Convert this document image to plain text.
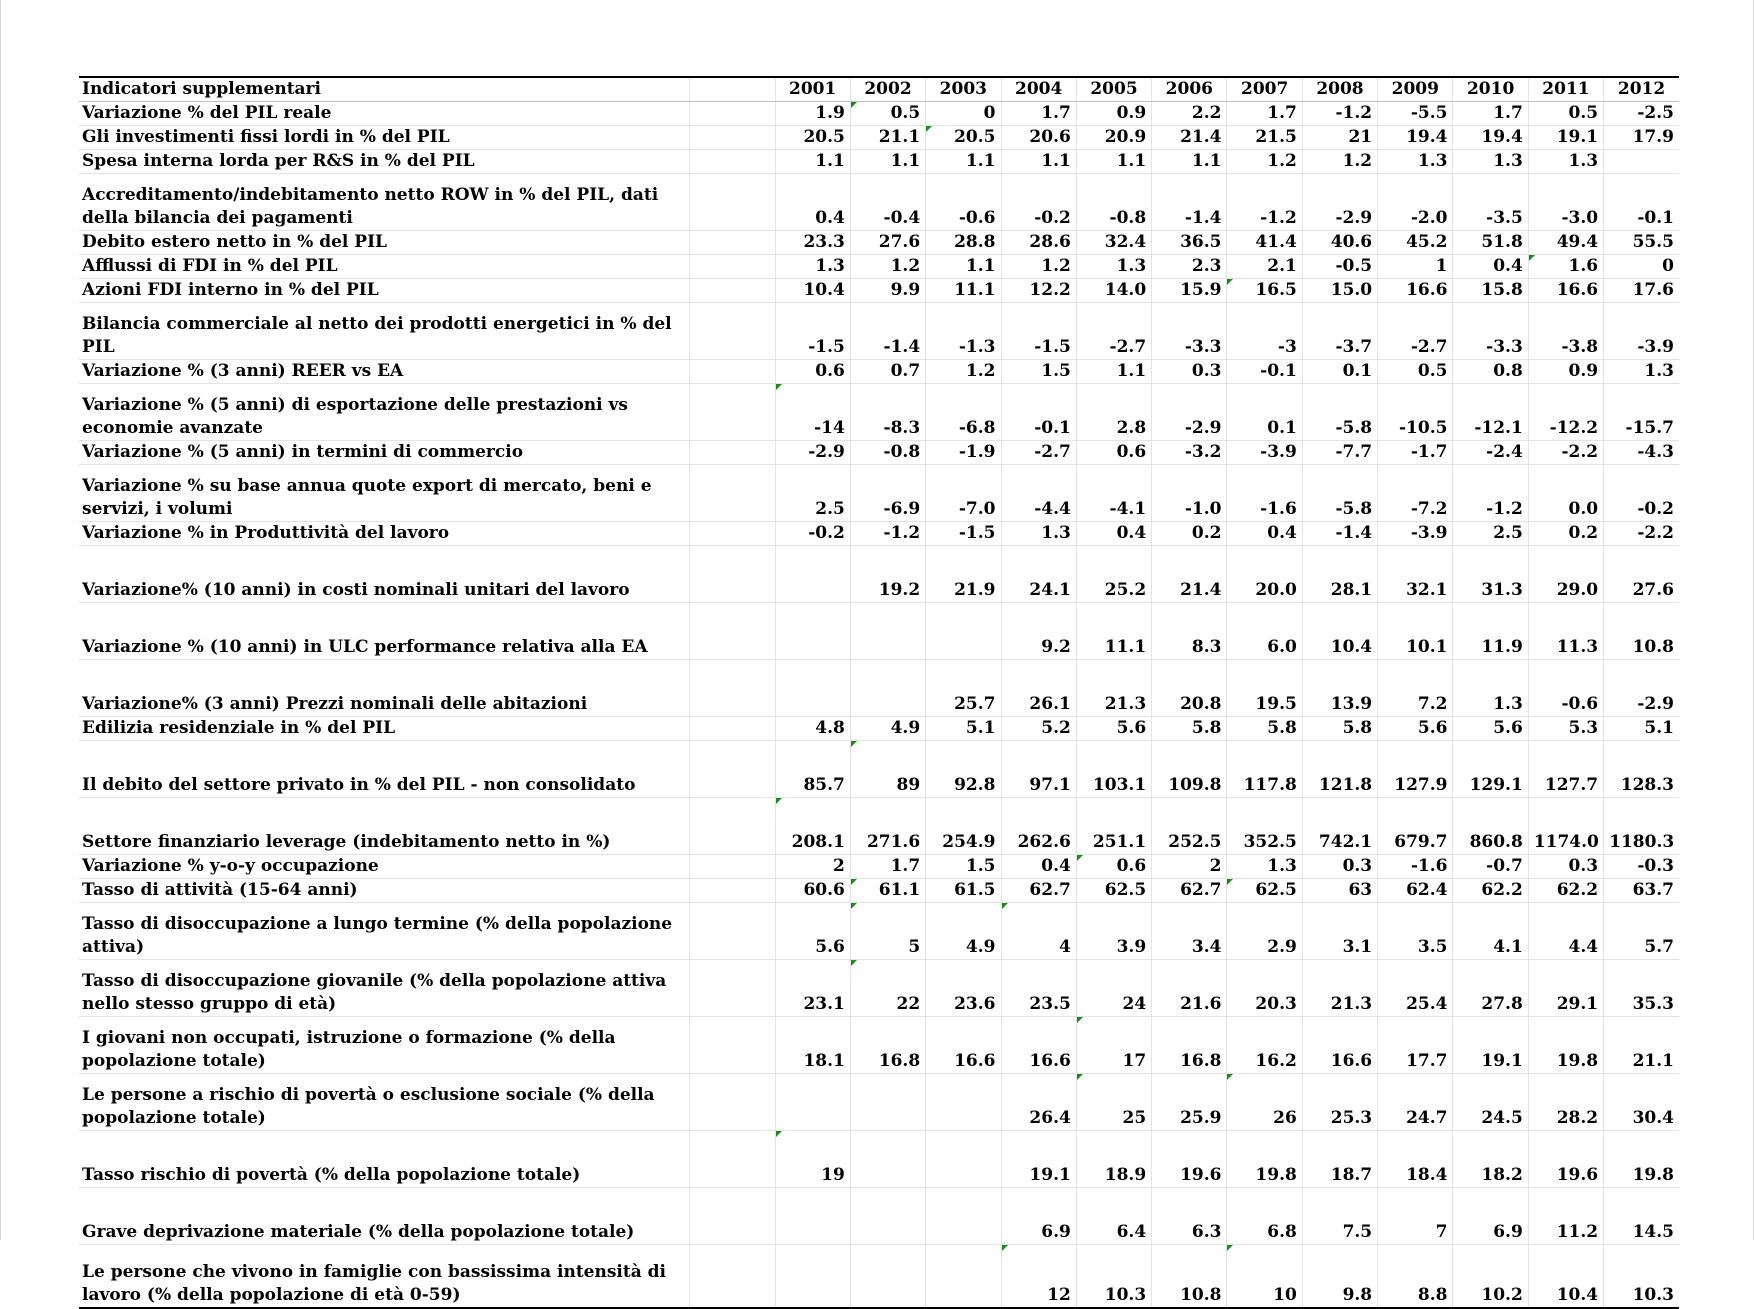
Indicatori supplementari		2001	2002	2003	2004	2005	2006	2007	2008	2009	2010	2011	2012
Variazione % del PIL reale		1.9	0.5	0	1.7	0.9	2.2	1.7	-1.2	-5.5	1.7	0.5	-2.5
Gli investimenti fissi lordi in % del PIL		20.5	21.1	20.5	20.6	20.9	21.4	21.5	21	19.4	19.4	19.1	17.9
Spesa interna lorda per R&S in % del PIL		1.1	1.1	1.1	1.1	1.1	1.1	1.2	1.2	1.3	1.3	1.3	
Accreditamento/indebitamento netto ROW in % del PIL, dati della bilancia dei pagamenti		0.4	-0.4	-0.6	-0.2	-0.8	-1.4	-1.2	-2.9	-2.0	-3.5	-3.0	-0.1
Debito estero netto in % del PIL		23.3	27.6	28.8	28.6	32.4	36.5	41.4	40.6	45.2	51.8	49.4	55.5
Afflussi di FDI in % del PIL		1.3	1.2	1.1	1.2	1.3	2.3	2.1	-0.5	1	0.4	1.6	0
Azioni FDI interno in % del PIL		10.4	9.9	11.1	12.2	14.0	15.9	16.5	15.0	16.6	15.8	16.6	17.6
Bilancia commerciale al netto dei prodotti energetici in % del PIL		-1.5	-1.4	-1.3	-1.5	-2.7	-3.3	-3	-3.7	-2.7	-3.3	-3.8	-3.9
Variazione % (3 anni) REER vs EA		0.6	0.7	1.2	1.5	1.1	0.3	-0.1	0.1	0.5	0.8	0.9	1.3
Variazione % (5 anni) di esportazione delle prestazioni vs economie avanzate		-14	-8.3	-6.8	-0.1	2.8	-2.9	0.1	-5.8	-10.5	-12.1	-12.2	-15.7
Variazione % (5 anni) in termini di commercio		-2.9	-0.8	-1.9	-2.7	0.6	-3.2	-3.9	-7.7	-1.7	-2.4	-2.2	-4.3
Variazione % su base annua quote export di mercato, beni e servizi, i volumi		2.5	-6.9	-7.0	-4.4	-4.1	-1.0	-1.6	-5.8	-7.2	-1.2	0.0	-0.2
Variazione % in Produttività del lavoro		-0.2	-1.2	-1.5	1.3	0.4	0.2	0.4	-1.4	-3.9	2.5	0.2	-2.2
Variazione% (10 anni) in costi nominali unitari del lavoro			19.2	21.9	24.1	25.2	21.4	20.0	28.1	32.1	31.3	29.0	27.6
Variazione % (10 anni) in ULC performance relativa alla EA					9.2	11.1	8.3	6.0	10.4	10.1	11.9	11.3	10.8
Variazione% (3 anni) Prezzi nominali delle abitazioni				25.7	26.1	21.3	20.8	19.5	13.9	7.2	1.3	-0.6	-2.9
Edilizia residenziale in % del PIL		4.8	4.9	5.1	5.2	5.6	5.8	5.8	5.8	5.6	5.6	5.3	5.1
Il debito del settore privato in % del PIL - non consolidato		85.7	89	92.8	97.1	103.1	109.8	117.8	121.8	127.9	129.1	127.7	128.3
Settore finanziario leverage (indebitamento netto in %)		208.1	271.6	254.9	262.6	251.1	252.5	352.5	742.1	679.7	860.8	1174.0	1180.3
Variazione % y-o-y occupazione		2	1.7	1.5	0.4	0.6	2	1.3	0.3	-1.6	-0.7	0.3	-0.3
Tasso di attività (15-64 anni)		60.6	61.1	61.5	62.7	62.5	62.7	62.5	63	62.4	62.2	62.2	63.7
Tasso di disoccupazione a lungo termine (% della popolazione attiva)		5.6	5	4.9	4	3.9	3.4	2.9	3.1	3.5	4.1	4.4	5.7
Tasso di disoccupazione giovanile (% della popolazione attiva nello stesso gruppo di età)		23.1	22	23.6	23.5	24	21.6	20.3	21.3	25.4	27.8	29.1	35.3
I giovani non occupati, istruzione o formazione (% della popolazione totale)		18.1	16.8	16.6	16.6	17	16.8	16.2	16.6	17.7	19.1	19.8	21.1
Le persone a rischio di povertà o esclusione sociale (% della popolazione totale)					26.4	25	25.9	26	25.3	24.7	24.5	28.2	30.4
Tasso rischio di povertà (% della popolazione totale)		19			19.1	18.9	19.6	19.8	18.7	18.4	18.2	19.6	19.8
Grave deprivazione materiale (% della popolazione totale)					6.9	6.4	6.3	6.8	7.5	7	6.9	11.2	14.5
Le persone che vivono in famiglie con bassissima intensità di lavoro (% della popolazione di età 0-59)					12	10.3	10.8	10	9.8	8.8	10.2	10.4	10.3
